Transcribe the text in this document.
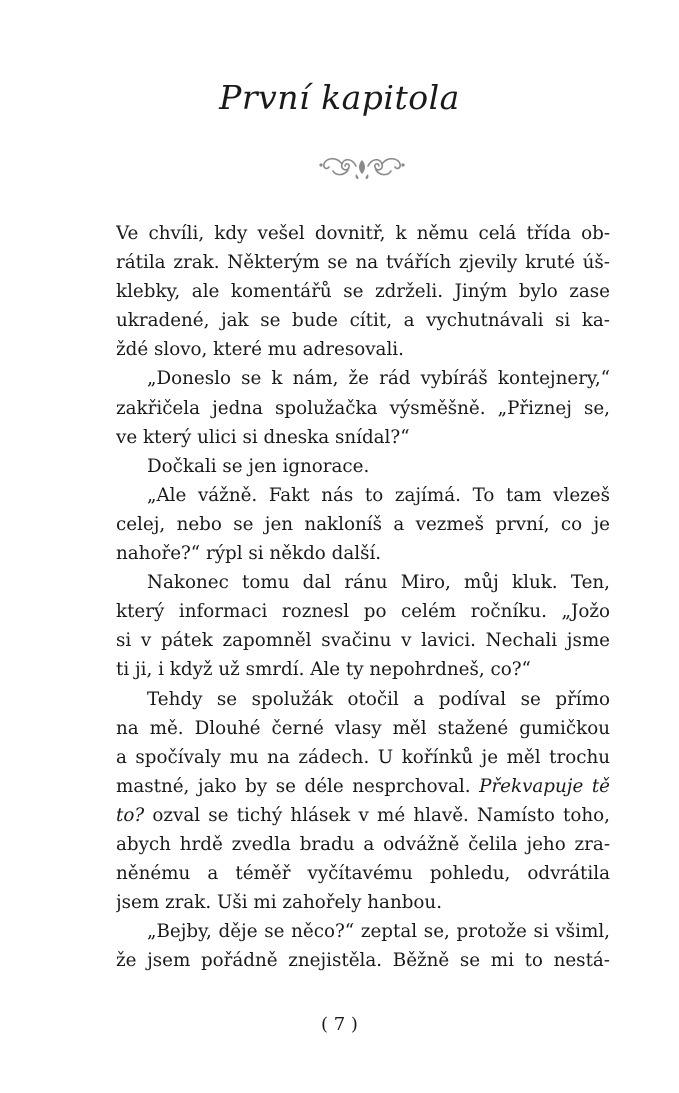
První kapitola

Ve chvíli, kdy vešel dovnitř, k němu celá třída ob-
rátila zrak. Některým se na tvářích zjevily kruté úš-
klebky, ale komentářů se zdrželi. Jiným bylo zase
ukradené, jak se bude cítit, a vychutnávali si ka-
ždé slovo, které mu adresovali.

„Doneslo se k nám, že rád vybíráš kontejnery,“
zakřičela jedna spolužačka výsměšně. „Přiznej se,
ve který ulici si dneska snídal?“

Dočkali se jen ignorace.

„Ale vážně. Fakt nás to zajímá. To tam vlezeš
celej, nebo se jen nakloníš a vezmeš první, co je
nahoře?“ rýpl si někdo další.

Nakonec tomu dal ránu Miro, můj kluk. Ten,
který informaci roznesl po celém ročníku. „Jožo
si v pátek zapomněl svačinu v lavici. Nechali jsme
ti ji, i když už smrdí. Ale ty nepohrdneš, co?“

Tehdy se spolužák otočil a podíval se přímo
na mě. Dlouhé černé vlasy měl stažené gumičkou
a spočívaly mu na zádech. U kořínků je měl trochu
mastné, jako by se déle nesprchoval. Překvapuje tě
to? ozval se tichý hlásek v mé hlavě. Namísto toho,
abych hrdě zvedla bradu a odvážně čelila jeho zra-
něnému a téměř vyčítavému pohledu, odvrátila
jsem zrak. Uši mi zahořely hanbou.

„Bejby, děje se něco?“ zeptal se, protože si všiml,
že jsem pořádně znejistěla. Běžně se mi to nestá-

( 7 )
